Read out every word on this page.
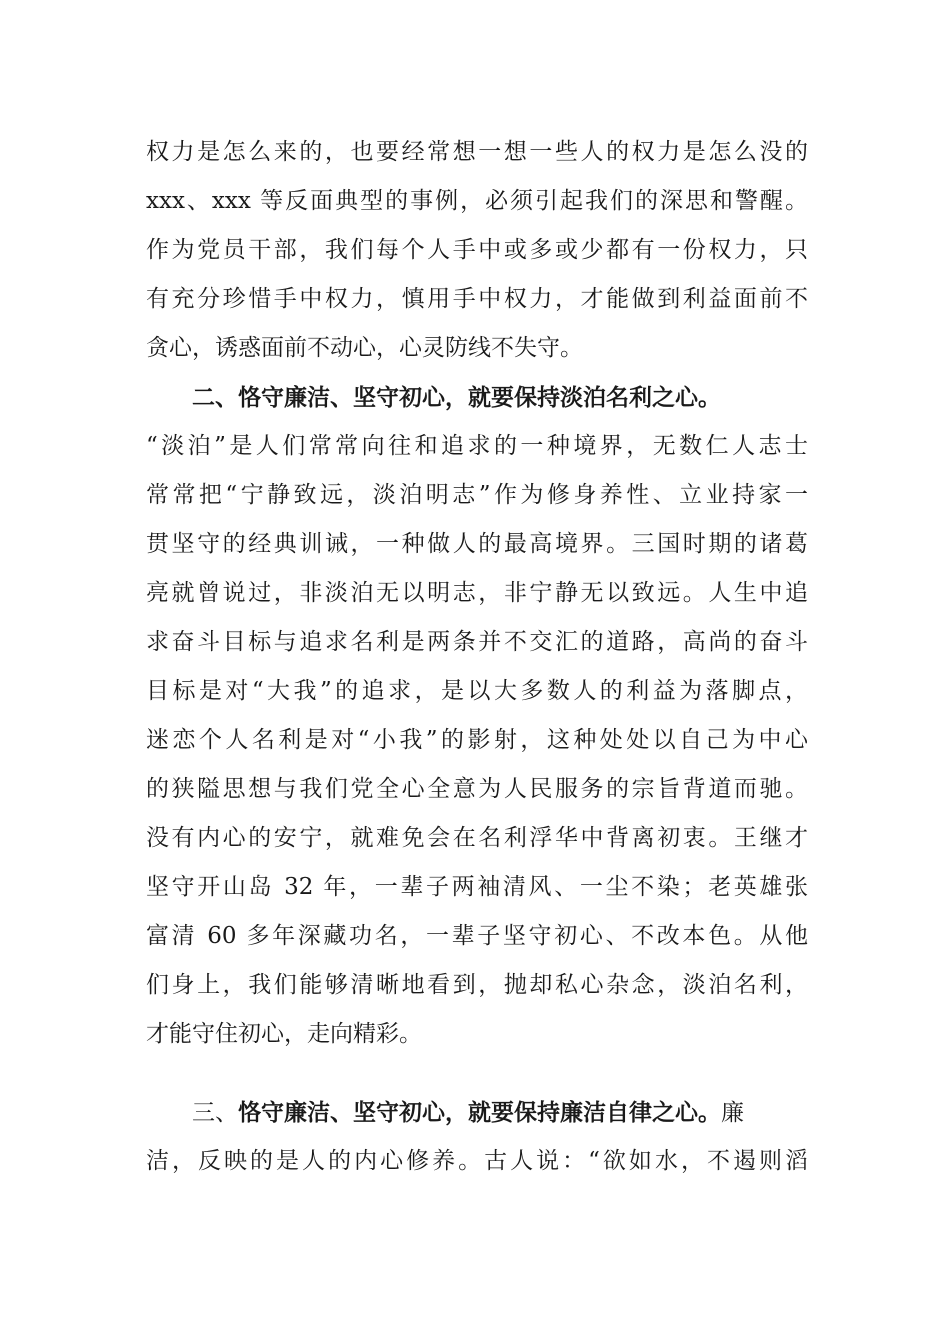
权力是怎么来的，也要经常想一想一些人的权力是怎么没的
xxx、xxx 等反面典型的事例，必须引起我们的深思和警醒。
作为党员干部，我们每个人手中或多或少都有一份权力，只
有充分珍惜手中权力，慎用手中权力，才能做到利益面前不
贪心，诱惑面前不动心，心灵防线不失守。
二、恪守廉洁、坚守初心，就要保持淡泊名利之心。
“淡泊”是人们常常向往和追求的一种境界，无数仁人志士
常常把“宁静致远，淡泊明志”作为修身养性、立业持家一
贯坚守的经典训诫，一种做人的最高境界。三国时期的诸葛
亮就曾说过，非淡泊无以明志，非宁静无以致远。人生中追
求奋斗目标与追求名利是两条并不交汇的道路，高尚的奋斗
目标是对“大我”的追求，是以大多数人的利益为落脚点，
迷恋个人名利是对“小我”的影射，这种处处以自己为中心
的狭隘思想与我们党全心全意为人民服务的宗旨背道而驰。
没有内心的安宁，就难免会在名利浮华中背离初衷。王继才
坚守开山岛 32 年，一辈子两袖清风、一尘不染；老英雄张
富清 60 多年深藏功名，一辈子坚守初心、不改本色。从他
们身上，我们能够清晰地看到，抛却私心杂念，淡泊名利，
才能守住初心，走向精彩。
三、恪守廉洁、坚守初心，就要保持廉洁自律之心。廉
洁，反映的是人的内心修养。古人说：“欲如水，不遏则滔
